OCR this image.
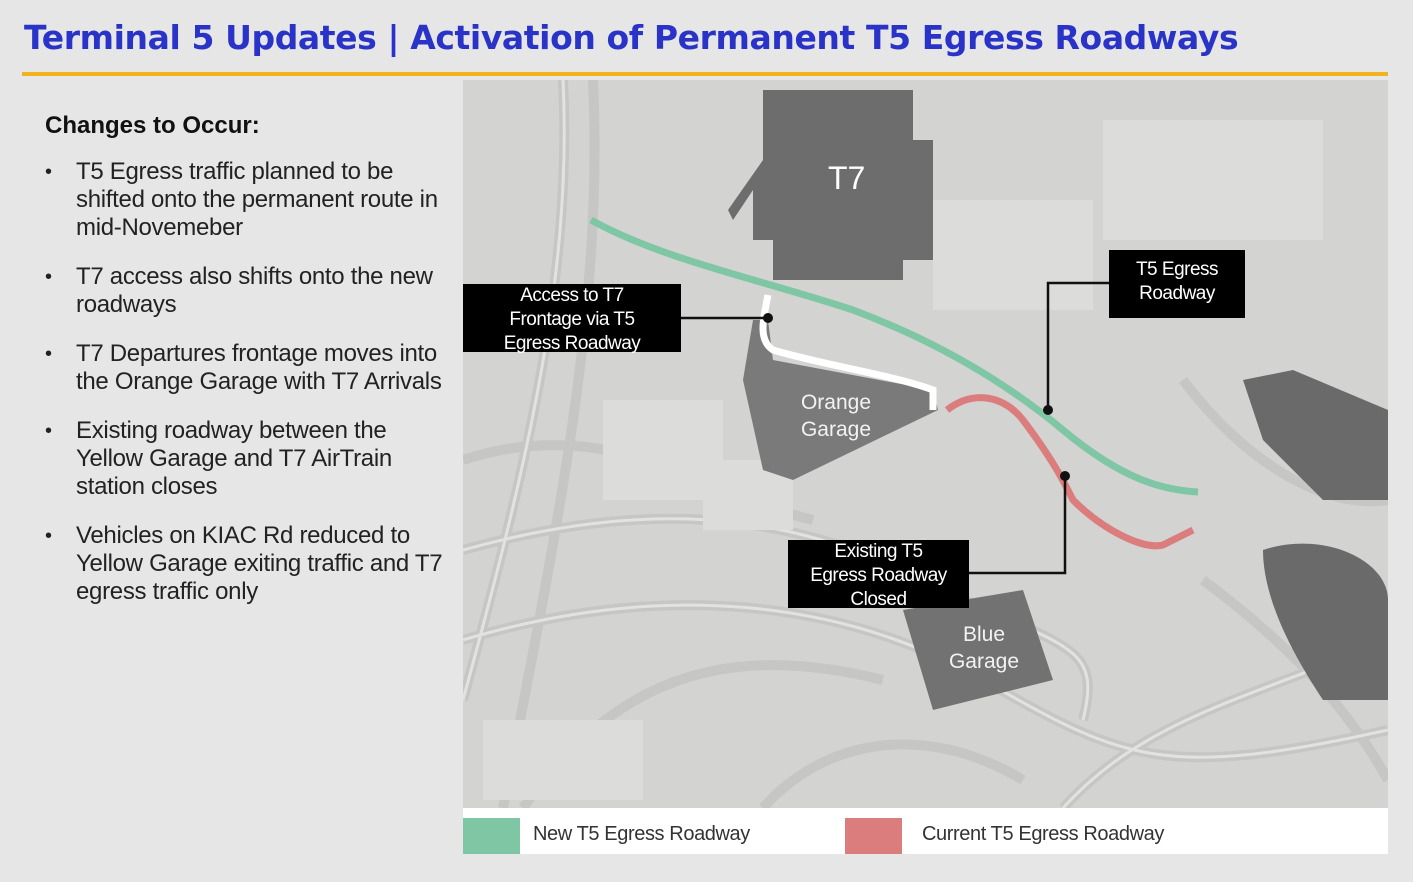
Terminal 5 Updates | Activation of Permanent T5 Egress Roadways
Changes to Occur:
• T5 Egress traffic planned to be shifted onto the permanent route in mid-Novemeber
• T7 access also shifts onto the new roadways
• T7 Departures frontage moves into the Orange Garage with T7 Arrivals
• Existing roadway between the Yellow Garage and T7 AirTrain station closes
• Vehicles on KIAC Rd reduced to Yellow Garage exiting traffic and T7 egress traffic only
T7
Orange
Garage
Blue
Garage
Access to T7
Frontage via T5
Egress Roadway
T5 Egress
Roadway
Existing T5
Egress Roadway
Closed
New T5 Egress Roadway	Current T5 Egress Roadway
